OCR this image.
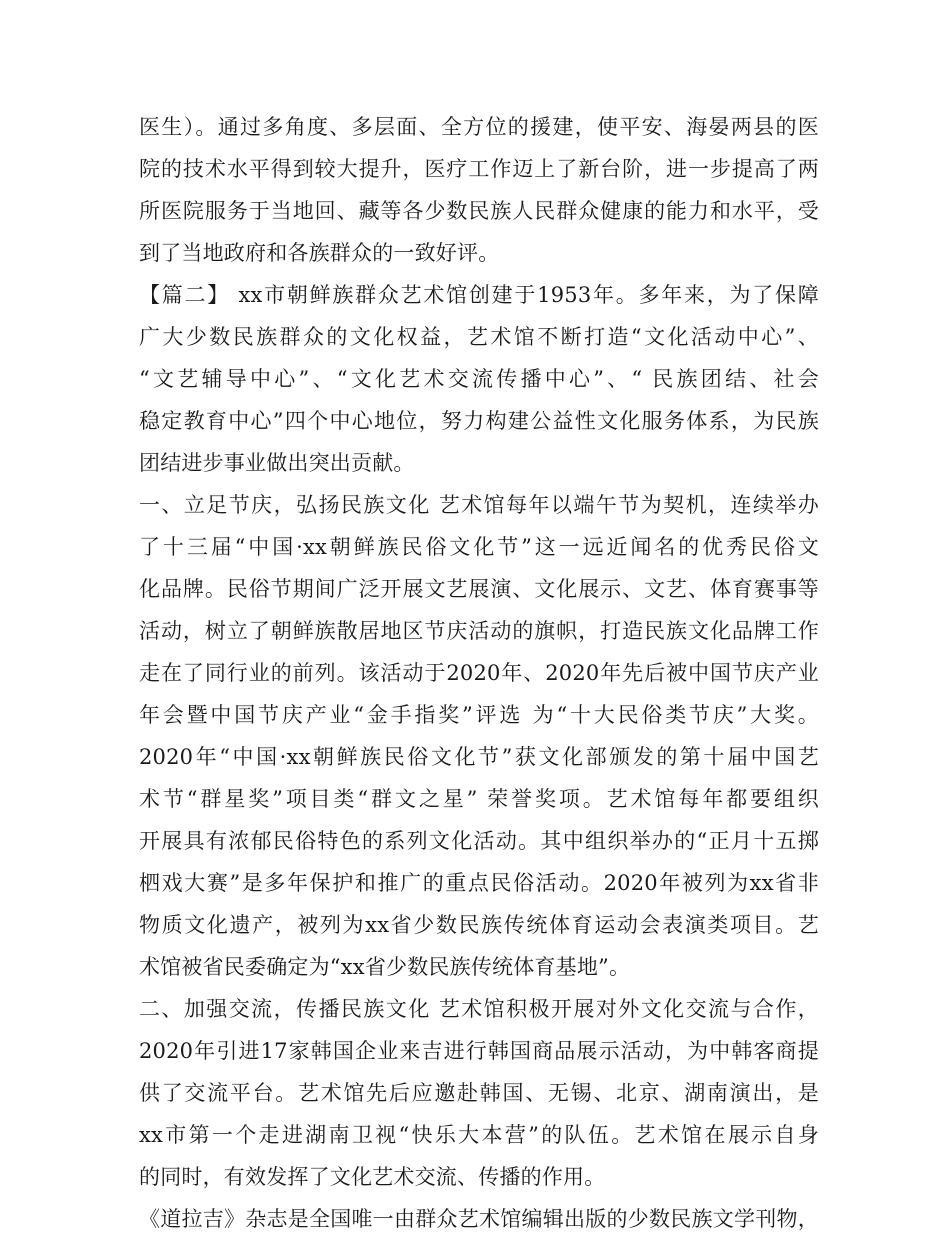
医生）。通过多角度、多层面、全方位的援建，使平安、海晏两县的医
院的技术水平得到较大提升，医疗工作迈上了新台阶，进一步提高了两
所医院服务于当地回、藏等各少数民族人民群众健康的能力和水平，受
到了当地政府和各族群众的一致好评。
【篇二】 xx市朝鲜族群众艺术馆创建于1953年。多年来，为了保障
广大少数民族群众的文化权益，艺术馆不断打造“文化活动中心”、
“文艺辅导中心”、“文化艺术交流传播中心”、“ 民族团结、社会
稳定教育中心”四个中心地位，努力构建公益性文化服务体系，为民族
团结进步事业做出突出贡献。
一、立足节庆，弘扬民族文化 艺术馆每年以端午节为契机，连续举办
了十三届“中国·xx朝鲜族民俗文化节”这一远近闻名的优秀民俗文
化品牌。民俗节期间广泛开展文艺展演、文化展示、文艺、体育赛事等
活动，树立了朝鲜族散居地区节庆活动的旗帜，打造民族文化品牌工作
走在了同行业的前列。该活动于2020年、2020年先后被中国节庆产业
年会暨中国节庆产业“金手指奖”评选 为“十大民俗类节庆”大奖。
2020年“中国·xx朝鲜族民俗文化节”获文化部颁发的第十届中国艺
术节“群星奖”项目类“群文之星” 荣誉奖项。艺术馆每年都要组织
开展具有浓郁民俗特色的系列文化活动。其中组织举办的“正月十五掷
柶戏大赛”是多年保护和推广的重点民俗活动。2020年被列为xx省非
物质文化遗产，被列为xx省少数民族传统体育运动会表演类项目。艺
术馆被省民委确定为“xx省少数民族传统体育基地”。
二、加强交流，传播民族文化 艺术馆积极开展对外文化交流与合作，
2020年引进17家韩国企业来吉进行韩国商品展示活动，为中韩客商提
供了交流平台。艺术馆先后应邀赴韩国、无锡、北京、湖南演出，是
xx市第一个走进湖南卫视“快乐大本营”的队伍。艺术馆在展示自身
的同时，有效发挥了文化艺术交流、传播的作用。
《道拉吉》杂志是全国唯一由群众艺术馆编辑出版的少数民族文学刊物，
